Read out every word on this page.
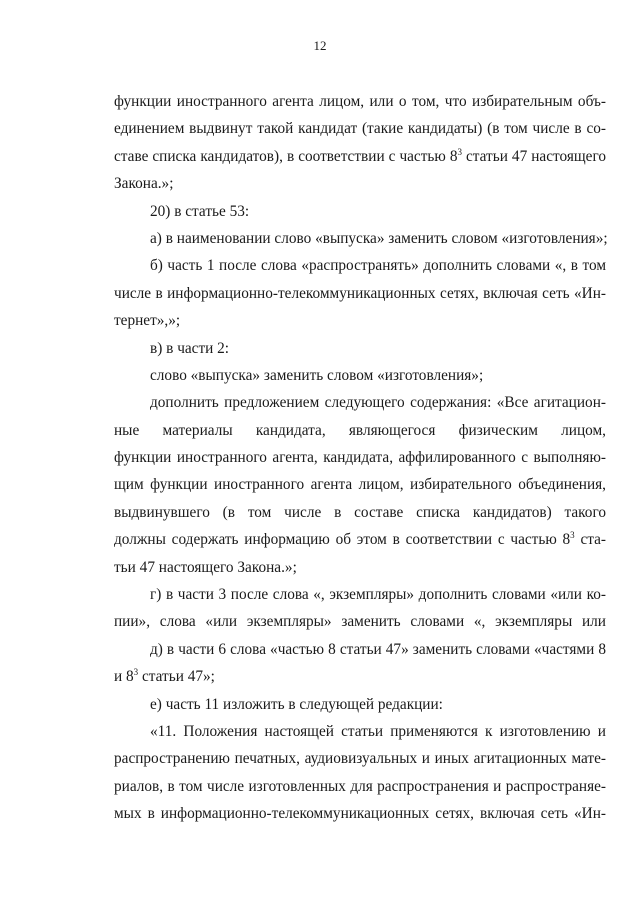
12
функции иностранного агента лицом, или о том, что избирательным объ-
единением выдвинут такой кандидат (такие кандидаты) (в том числе в со-
ставе списка кандидатов), в соответствии с частью $8^3$ статьи 47 настоящего
Закона.»;
20) в статье 53:
а) в наименовании слово «выпуска» заменить словом «изготовления»;
б) часть 1 после слова «распространять» дополнить словами «, в том
числе в информационно-телекоммуникационных сетях, включая сеть «Ин-
тернет»,»;
в) в части 2:
слово «выпуска» заменить словом «изготовления»;
дополнить предложением следующего содержания: «Все агитацион-
ные материалы кандидата, являющегося физическим лицом,
функции иностранного агента, кандидата, аффилированного с выполняю-
щим функции иностранного агента лицом, избирательного объединения,
выдвинувшего (в том числе в составе списка кандидатов) такого
должны содержать информацию об этом в соответствии с частью $8^3$ ста-
тьи 47 настоящего Закона.»;
г) в части 3 после слова «, экземпляры» дополнить словами «или ко-
пии», слова «или экземпляры» заменить словами «, экземпляры или
д) в части 6 слова «частью 8 статьи 47» заменить словами «частями 8
и $8^3$ статьи 47»;
е) часть 11 изложить в следующей редакции:
«11. Положения настоящей статьи применяются к изготовлению и
распространению печатных, аудиовизуальных и иных агитационных мате-
риалов, в том числе изготовленных для распространения и распространяе-
мых в информационно-телекоммуникационных сетях, включая сеть «Ин-
